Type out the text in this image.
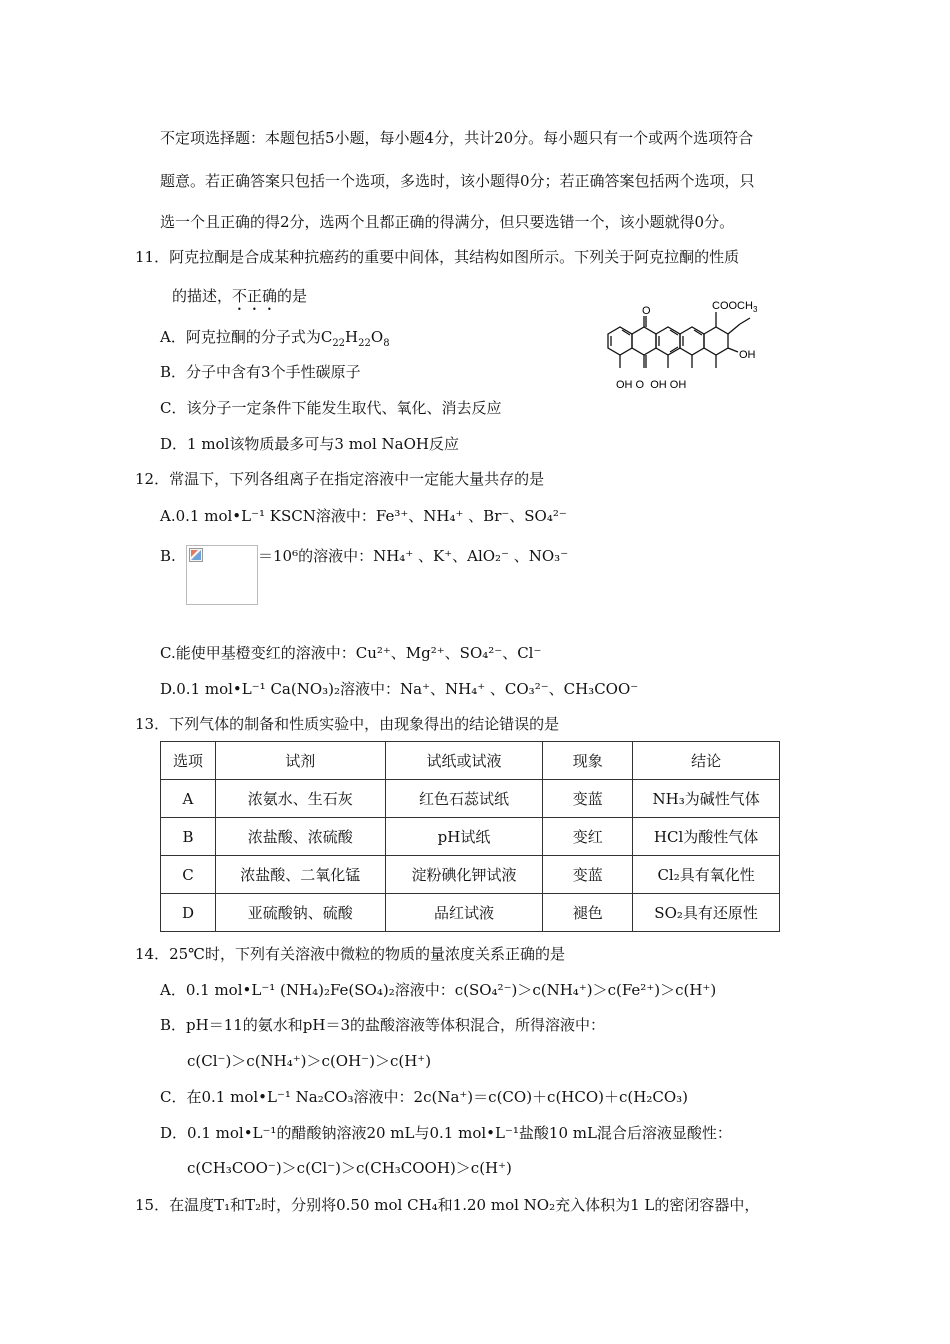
不定项选择题：本题包括5小题，每小题4分，共计20分。每小题只有一个或两个选项符合
题意。若正确答案只包括一个选项，多选时，该小题得0分；若正确答案包括两个选项，只
选一个且正确的得2分，选两个且都正确的得满分，但只要选错一个，该小题就得0分。
11．阿克拉酮是合成某种抗癌药的重要中间体，其结构如图所示。下列关于阿克拉酮的性质
的描述，不正确的是
A．阿克拉酮的分子式为$C_{22}H_{22}O_8$
B．分子中含有3个手性碳原子
C．该分子一定条件下能发生取代、氧化、消去反应
D．1 mol该物质最多可与3 mol NaOH反应
O	$COOCH_3$
OH
OH O  OH OH
12．常温下，下列各组离子在指定溶液中一定能大量共存的是
A.0.1 mol•L⁻¹ KSCN溶液中：Fe³⁺、NH₄⁺ 、Br⁻、SO₄²⁻
B.	＝10⁶的溶液中：NH₄⁺ 、K⁺、AlO₂⁻ 、NO₃⁻
C.能使甲基橙变红的溶液中：Cu²⁺、Mg²⁺、SO₄²⁻、Cl⁻
D.0.1 mol•L⁻¹ Ca(NO₃)₂溶液中：Na⁺、NH₄⁺ 、CO₃²⁻、CH₃COO⁻
13．下列气体的制备和性质实验中，由现象得出的结论错误的是
选项	试剂	试纸或试液	现象	结论
A	浓氨水、生石灰	红色石蕊试纸	变蓝	NH₃为碱性气体
B	浓盐酸、浓硫酸	pH试纸	变红	HCl为酸性气体
C	浓盐酸、二氧化锰	淀粉碘化钾试液	变蓝	Cl₂具有氧化性
D	亚硫酸钠、硫酸	品红试液	褪色	SO₂具有还原性
14．25℃时，下列有关溶液中微粒的物质的量浓度关系正确的是
A．0.1 mol•L⁻¹ (NH₄)₂Fe(SO₄)₂溶液中：c(SO₄²⁻)＞c(NH₄⁺)＞c(Fe²⁺)＞c(H⁺)
B．pH＝11的氨水和pH＝3的盐酸溶液等体积混合，所得溶液中：
c(Cl⁻)＞c(NH₄⁺)＞c(OH⁻)＞c(H⁺)
C．在0.1 mol•L⁻¹ Na₂CO₃溶液中：2c(Na⁺)＝c(CO)＋c(HCO)＋c(H₂CO₃)
D．0.1 mol•L⁻¹的醋酸钠溶液20 mL与0.1 mol•L⁻¹盐酸10 mL混合后溶液显酸性：
c(CH₃COO⁻)＞c(Cl⁻)＞c(CH₃COOH)＞c(H⁺)
15．在温度T₁和T₂时，分别将0.50 mol CH₄和1.20 mol NO₂充入体积为1 L的密闭容器中，
